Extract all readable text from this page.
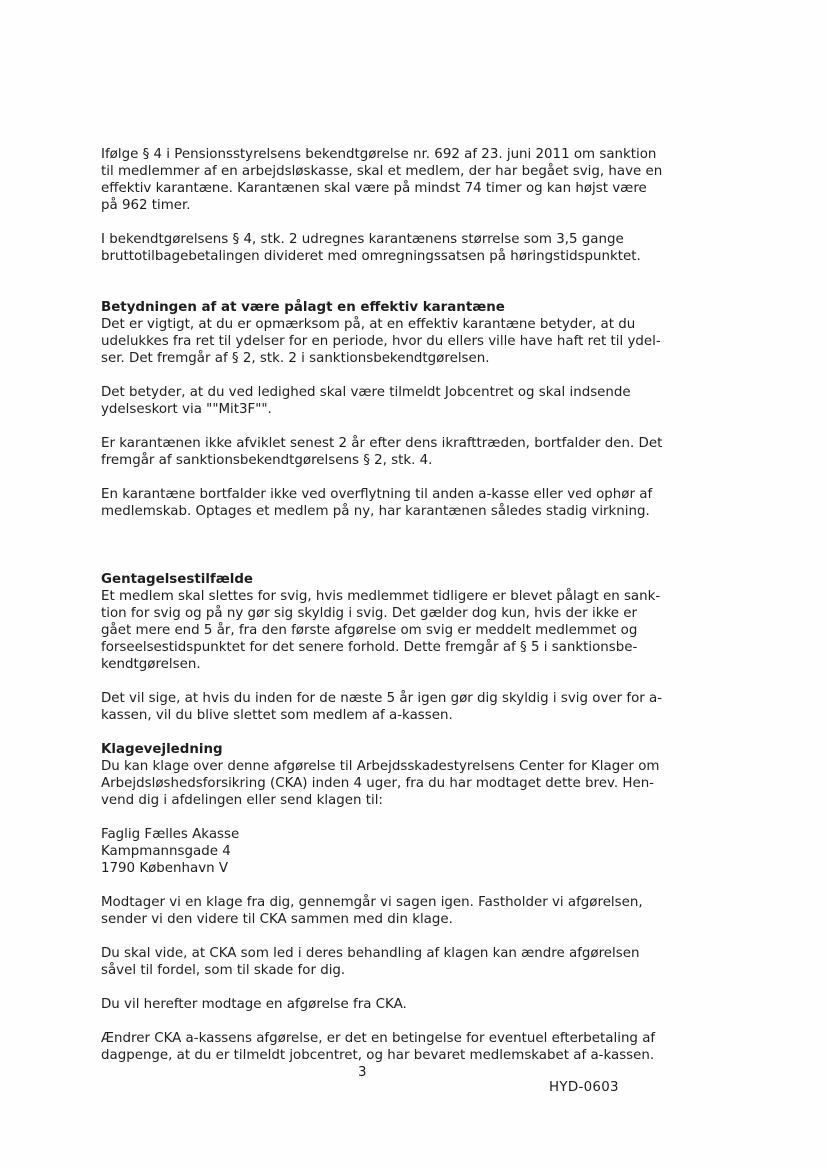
Ifølge § 4 i Pensionsstyrelsens bekendtgørelse nr. 692 af 23. juni 2011 om sanktion
til medlemmer af en arbejdsløskasse, skal et medlem, der har begået svig, have en
effektiv karantæne. Karantænen skal være på mindst 74 timer og kan højst være
på 962 timer.
I bekendtgørelsens § 4, stk. 2 udregnes karantænens størrelse som 3,5 gange
bruttotilbagebetalingen divideret med omregningssatsen på høringstidspunktet.
Betydningen af at være pålagt en effektiv karantæne
Det er vigtigt, at du er opmærksom på, at en effektiv karantæne betyder, at du
udelukkes fra ret til ydelser for en periode, hvor du ellers ville have haft ret til ydel-
ser. Det fremgår af § 2, stk. 2 i sanktionsbekendtgørelsen.
Det betyder, at du ved ledighed skal være tilmeldt Jobcentret og skal indsende
ydelseskort via ""Mit3F"".
Er karantænen ikke afviklet senest 2 år efter dens ikrafttræden, bortfalder den. Det
fremgår af sanktionsbekendtgørelsens § 2, stk. 4.
En karantæne bortfalder ikke ved overflytning til anden a-kasse eller ved ophør af
medlemskab. Optages et medlem på ny, har karantænen således stadig virkning.
Gentagelsestilfælde
Et medlem skal slettes for svig, hvis medlemmet tidligere er blevet pålagt en sank-
tion for svig og på ny gør sig skyldig i svig. Det gælder dog kun, hvis der ikke er
gået mere end 5 år, fra den første afgørelse om svig er meddelt medlemmet og
forseelsestidspunktet for det senere forhold. Dette fremgår af § 5 i sanktionsbe-
kendtgørelsen.
Det vil sige, at hvis du inden for de næste 5 år igen gør dig skyldig i svig over for a-
kassen, vil du blive slettet som medlem af a-kassen.
Klagevejledning
Du kan klage over denne afgørelse til Arbejdsskadestyrelsens Center for Klager om
Arbejdsløshedsforsikring (CKA) inden 4 uger, fra du har modtaget dette brev. Hen-
vend dig i afdelingen eller send klagen til:
Faglig Fælles Akasse
Kampmannsgade 4
1790 København V
Modtager vi en klage fra dig, gennemgår vi sagen igen. Fastholder vi afgørelsen,
sender vi den videre til CKA sammen med din klage.
Du skal vide, at CKA som led i deres behandling af klagen kan ændre afgørelsen
såvel til fordel, som til skade for dig.
Du vil herefter modtage en afgørelse fra CKA.
Ændrer CKA a-kassens afgørelse, er det en betingelse for eventuel efterbetaling af
dagpenge, at du er tilmeldt jobcentret, og har bevaret medlemskabet af a-kassen.
3
HYD-0603
